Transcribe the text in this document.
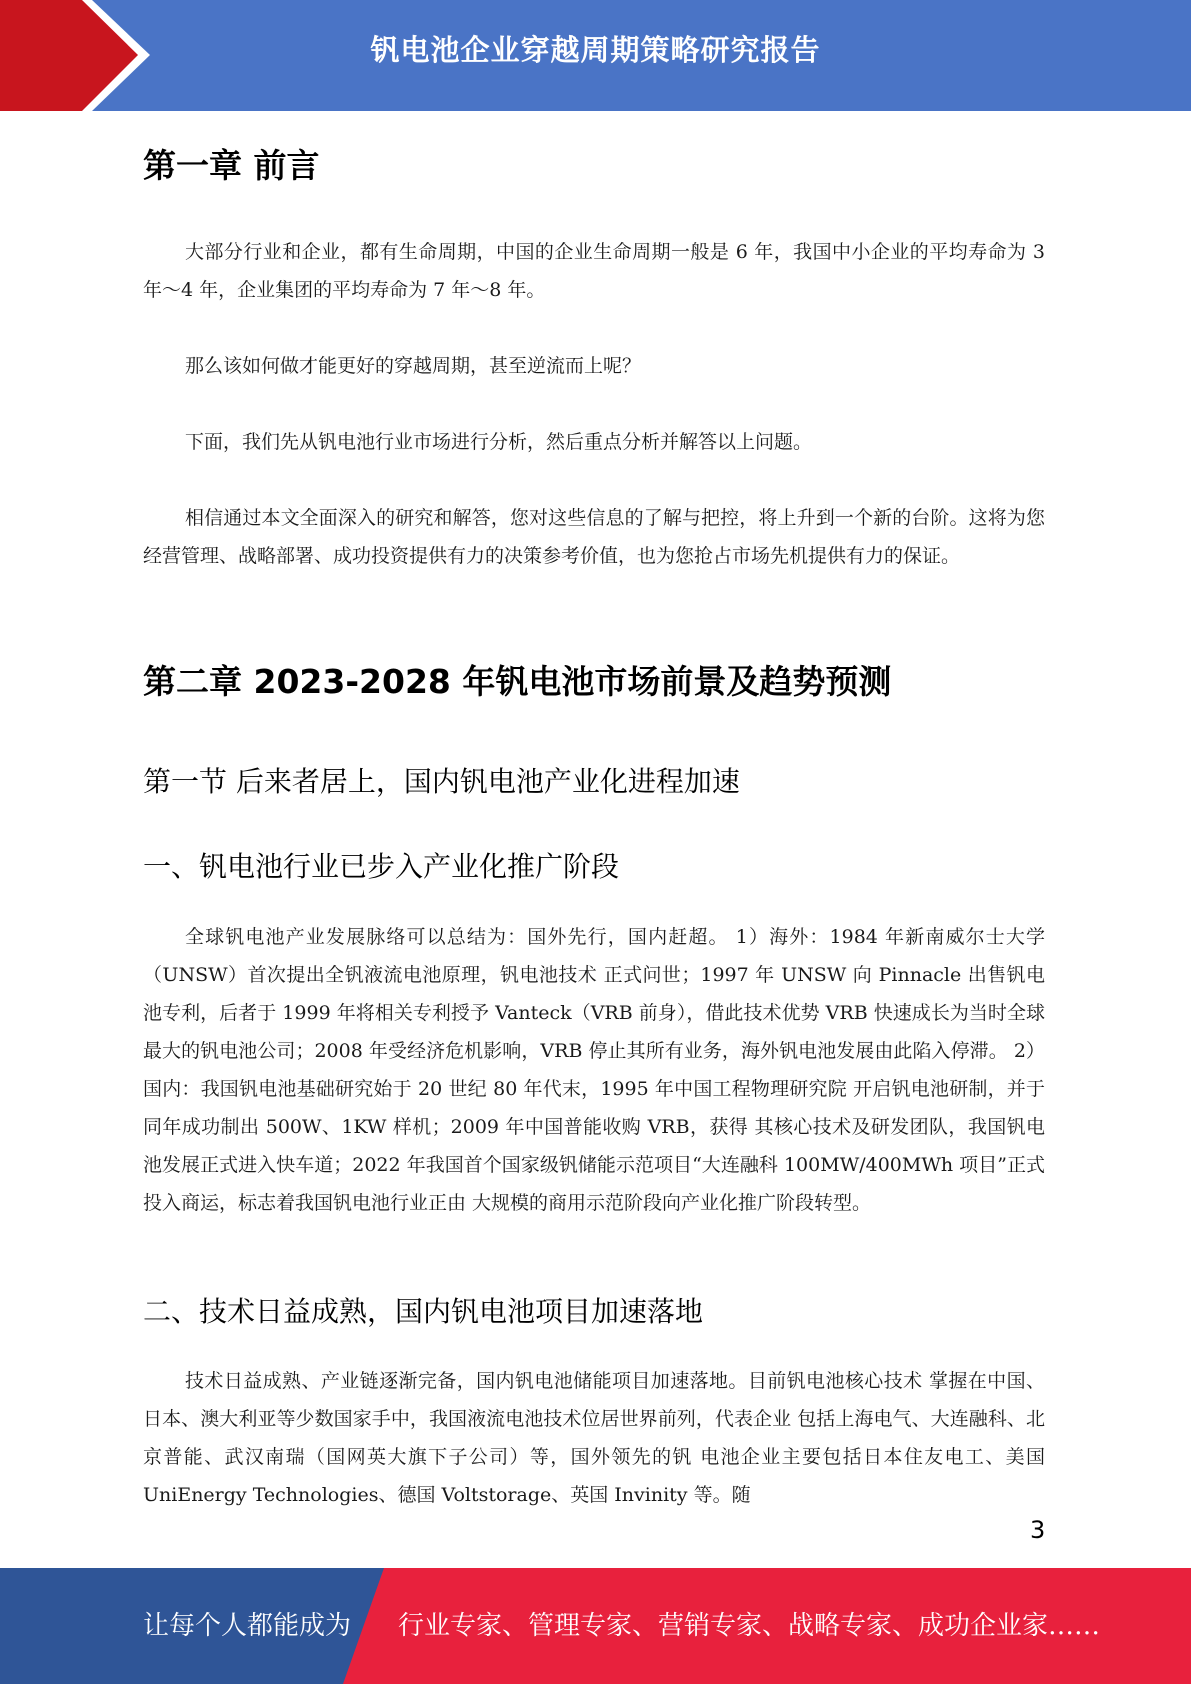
钒电池企业穿越周期策略研究报告
第一章 前言
大部分行业和企业，都有生命周期，中国的企业生命周期一般是 6 年，我国中小企业的平均寿命为 3 年～4 年，企业集团的平均寿命为 7 年～8 年。
那么该如何做才能更好的穿越周期，甚至逆流而上呢？
下面，我们先从钒电池行业市场进行分析，然后重点分析并解答以上问题。
相信通过本文全面深入的研究和解答，您对这些信息的了解与把控，将上升到一个新的台阶。这将为您经营管理、战略部署、成功投资提供有力的决策参考价值，也为您抢占市场先机提供有力的保证。
第二章 2023-2028 年钒电池市场前景及趋势预测
第一节 后来者居上，国内钒电池产业化进程加速
一、钒电池行业已步入产业化推广阶段
全球钒电池产业发展脉络可以总结为：国外先行，国内赶超。 1）海外：1984 年新南威尔士大学（UNSW）首次提出全钒液流电池原理，钒电池技术 正式问世；1997 年 UNSW 向 Pinnacle 出售钒电池专利，后者于 1999 年将相关专利授予 Vanteck（VRB 前身），借此技术优势 VRB 快速成长为当时全球最大的钒电池公司；2008 年受经济危机影响，VRB 停止其所有业务，海外钒电池发展由此陷入停滞。 2）国内：我国钒电池基础研究始于 20 世纪 80 年代末，1995 年中国工程物理研究院 开启钒电池研制，并于同年成功制出 500W、1KW 样机；2009 年中国普能收购 VRB，获得 其核心技术及研发团队，我国钒电池发展正式进入快车道；2022 年我国首个国家级钒储能示范项目“大连融科 100MW/400MWh 项目”正式投入商运，标志着我国钒电池行业正由 大规模的商用示范阶段向产业化推广阶段转型。
二、技术日益成熟，国内钒电池项目加速落地
技术日益成熟、产业链逐渐完备，国内钒电池储能项目加速落地。目前钒电池核心技术 掌握在中国、日本、澳大利亚等少数国家手中，我国液流电池技术位居世界前列，代表企业 包括上海电气、大连融科、北京普能、武汉南瑞（国网英大旗下子公司）等，国外领先的钒 电池企业主要包括日本住友电工、美国 UniEnergy Technologies、德国 Voltstorage、英国 Invinity 等。随
3
让每个人都能成为 行业专家、管理专家、营销专家、战略专家、成功企业家……
